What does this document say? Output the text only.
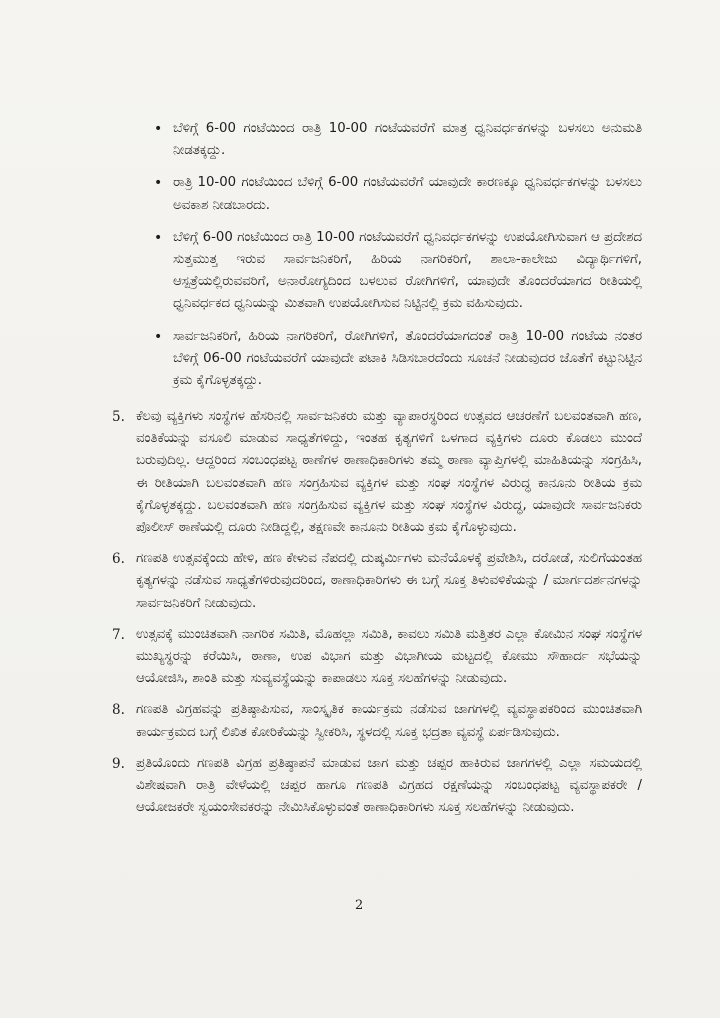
• ಬೆಳಿಗ್ಗೆ 6-00 ಗಂಟೆಯಿಂದ ರಾತ್ರಿ 10-00 ಗಂಟೆಯವರೆಗೆ ಮಾತ್ರ ಧ್ವನಿವರ್ಧಕಗಳನ್ನು ಬಳಸಲು ಅನುಮತಿ ನೀಡತಕ್ಕದ್ದು.
• ರಾತ್ರಿ 10-00 ಗಂಟೆಯಿಂದ ಬೆಳಿಗ್ಗೆ 6-00 ಗಂಟೆಯವರೆಗೆ ಯಾವುದೇ ಕಾರಣಕ್ಕೂ ಧ್ವನಿವರ್ಧಕಗಳನ್ನು ಬಳಸಲು ಅವಕಾಶ ನೀಡಬಾರದು.
• ಬೆಳಿಗ್ಗೆ 6-00 ಗಂಟೆಯಿಂದ ರಾತ್ರಿ 10-00 ಗಂಟೆಯವರೆಗೆ ಧ್ವನಿವರ್ಧಕಗಳನ್ನು ಉಪಯೋಗಿಸುವಾಗ ಆ ಪ್ರದೇಶದ ಸುತ್ತಮುತ್ತ ಇರುವ ಸಾರ್ವಜನಿಕರಿಗೆ, ಹಿರಿಯ ನಾಗರಿಕರಿಗೆ, ಶಾಲಾ-ಕಾಲೇಜು ವಿದ್ಯಾರ್ಥಿಗಳಿಗೆ, ಆಸ್ಪತ್ರೆಯಲ್ಲಿರುವವರಿಗೆ, ಅನಾರೋಗ್ಯದಿಂದ ಬಳಲುವ ರೋಗಿಗಳಿಗೆ, ಯಾವುದೇ ತೊಂದರೆಯಾಗದ ರೀತಿಯಲ್ಲಿ ಧ್ವನಿವರ್ಧಕದ ಧ್ವನಿಯನ್ನು ಮಿತವಾಗಿ ಉಪಯೋಗಿಸುವ ನಿಟ್ಟಿನಲ್ಲಿ ಕ್ರಮ ವಹಿಸುವುದು.
• ಸಾರ್ವಜನಿಕರಿಗೆ, ಹಿರಿಯ ನಾಗರಿಕರಿಗೆ, ರೋಗಿಗಳಿಗೆ, ತೊಂದರೆಯಾಗದಂತೆ ರಾತ್ರಿ 10-00 ಗಂಟೆಯ ನಂತರ ಬೆಳಿಗ್ಗೆ 06-00 ಗಂಟೆಯವರೆಗೆ ಯಾವುದೇ ಪಟಾಕಿ ಸಿಡಿಸಬಾರದೆಂದು ಸೂಚನೆ ನೀಡುವುದರ ಜೊತೆಗೆ ಕಟ್ಟುನಿಟ್ಟಿನ ಕ್ರಮ ಕೈಗೊಳ್ಳತಕ್ಕದ್ದು.
5. ಕೆಲವು ವ್ಯಕ್ತಿಗಳು ಸಂಸ್ಥೆಗಳ ಹೆಸರಿನಲ್ಲಿ ಸಾರ್ವಜನಿಕರು ಮತ್ತು ವ್ಯಾಪಾರಸ್ಥರಿಂದ ಉತ್ಸವದ ಆಚರಣೆಗೆ ಬಲವಂತವಾಗಿ ಹಣ, ವಂತಿಕೆಯನ್ನು ವಸೂಲಿ ಮಾಡುವ ಸಾಧ್ಯತೆಗಳಿದ್ದು, ಇಂತಹ ಕೃತ್ಯಗಳಿಗೆ ಒಳಗಾದ ವ್ಯಕ್ತಿಗಳು ದೂರು ಕೊಡಲು ಮುಂದೆ ಬರುವುದಿಲ್ಲ. ಆದ್ದರಿಂದ ಸಂಬಂಧಪಟ್ಟ ಠಾಣೆಗಳ ಠಾಣಾಧಿಕಾರಿಗಳು ತಮ್ಮ ಠಾಣಾ ವ್ಯಾಪ್ತಿಗಳಲ್ಲಿ ಮಾಹಿತಿಯನ್ನು ಸಂಗ್ರಹಿಸಿ, ಈ ರೀತಿಯಾಗಿ ಬಲವಂತವಾಗಿ ಹಣ ಸಂಗ್ರಹಿಸುವ ವ್ಯಕ್ತಿಗಳ ಮತ್ತು ಸಂಘ ಸಂಸ್ಥೆಗಳ ವಿರುದ್ಧ ಕಾನೂನು ರೀತಿಯ ಕ್ರಮ ಕೈಗೊಳ್ಳತಕ್ಕದ್ದು. ಬಲವಂತವಾಗಿ ಹಣ ಸಂಗ್ರಹಿಸುವ ವ್ಯಕ್ತಿಗಳ ಮತ್ತು ಸಂಘ ಸಂಸ್ಥೆಗಳ ವಿರುದ್ಧ, ಯಾವುದೇ ಸಾರ್ವಜನಿಕರು ಪೊಲೀಸ್ ಠಾಣೆಯಲ್ಲಿ ದೂರು ನೀಡಿದ್ದಲ್ಲಿ, ತಕ್ಷಣವೇ ಕಾನೂನು ರೀತಿಯ ಕ್ರಮ ಕೈಗೊಳ್ಳುವುದು.
6. ಗಣಪತಿ ಉತ್ಸವಕ್ಕೆಂದು ಹೇಳಿ, ಹಣ ಕೇಳುವ ನೆಪದಲ್ಲಿ ದುಷ್ಕರ್ಮಿಗಳು ಮನೆಯೊಳಕ್ಕೆ ಪ್ರವೇಶಿಸಿ, ದರೋಡೆ, ಸುಲಿಗೆಯಂತಹ ಕೃತ್ಯಗಳನ್ನು ನಡೆಸುವ ಸಾಧ್ಯತೆಗಳಿರುವುದರಿಂದ, ಠಾಣಾಧಿಕಾರಿಗಳು ಈ ಬಗ್ಗೆ ಸೂಕ್ತ ತಿಳುವಳಿಕೆಯನ್ನು / ಮಾರ್ಗದರ್ಶನಗಳನ್ನು ಸಾರ್ವಜನಿಕರಿಗೆ ನೀಡುವುದು.
7. ಉತ್ಸವಕ್ಕೆ ಮುಂಚಿತವಾಗಿ ನಾಗರಿಕ ಸಮಿತಿ, ಮೊಹಲ್ಲಾ ಸಮಿತಿ, ಕಾವಲು ಸಮಿತಿ ಮತ್ತಿತರ ಎಲ್ಲಾ ಕೋಮಿನ ಸಂಘ ಸಂಸ್ಥೆಗಳ ಮುಖ್ಯಸ್ಥರನ್ನು ಕರೆಯಿಸಿ, ಠಾಣಾ, ಉಪ ವಿಭಾಗ ಮತ್ತು ವಿಭಾಗೀಯ ಮಟ್ಟದಲ್ಲಿ ಕೋಮು ಸೌಹಾರ್ದ ಸಭೆಯನ್ನು ಆಯೋಜಿಸಿ, ಶಾಂತಿ ಮತ್ತು ಸುವ್ಯವಸ್ಥೆಯನ್ನು ಕಾಪಾಡಲು ಸೂಕ್ತ ಸಲಹೆಗಳನ್ನು ನೀಡುವುದು.
8. ಗಣಪತಿ ವಿಗ್ರಹವನ್ನು ಪ್ರತಿಷ್ಠಾಪಿಸುವ, ಸಾಂಸ್ಕೃತಿಕ ಕಾರ್ಯಕ್ರಮ ನಡೆಸುವ ಜಾಗಗಳಲ್ಲಿ ವ್ಯವಸ್ಥಾಪಕರಿಂದ ಮುಂಚಿತವಾಗಿ ಕಾರ್ಯಕ್ರಮದ ಬಗ್ಗೆ ಲಿಖಿತ ಕೋರಿಕೆಯನ್ನು ಸ್ವೀಕರಿಸಿ, ಸ್ಥಳದಲ್ಲಿ ಸೂಕ್ತ ಭದ್ರತಾ ವ್ಯವಸ್ಥೆ ಏರ್ಪಡಿಸುವುದು.
9. ಪ್ರತಿಯೊಂದು ಗಣಪತಿ ವಿಗ್ರಹ ಪ್ರತಿಷ್ಠಾಪನೆ ಮಾಡುವ ಜಾಗ ಮತ್ತು ಚಪ್ಪರ ಹಾಕಿರುವ ಜಾಗಗಳಲ್ಲಿ ಎಲ್ಲಾ ಸಮಯದಲ್ಲಿ ವಿಶೇಷವಾಗಿ ರಾತ್ರಿ ವೇಳೆಯಲ್ಲಿ ಚಪ್ಪರ ಹಾಗೂ ಗಣಪತಿ ವಿಗ್ರಹದ ರಕ್ಷಣೆಯನ್ನು ಸಂಬಂಧಪಟ್ಟ ವ್ಯವಸ್ಥಾಪಕರೇ / ಆಯೋಜಕರೇ ಸ್ವಯಂಸೇವಕರನ್ನು ನೇಮಿಸಿಕೊಳ್ಳುವಂತೆ ಠಾಣಾಧಿಕಾರಿಗಳು ಸೂಕ್ತ ಸಲಹೆಗಳನ್ನು ನೀಡುವುದು.
2
